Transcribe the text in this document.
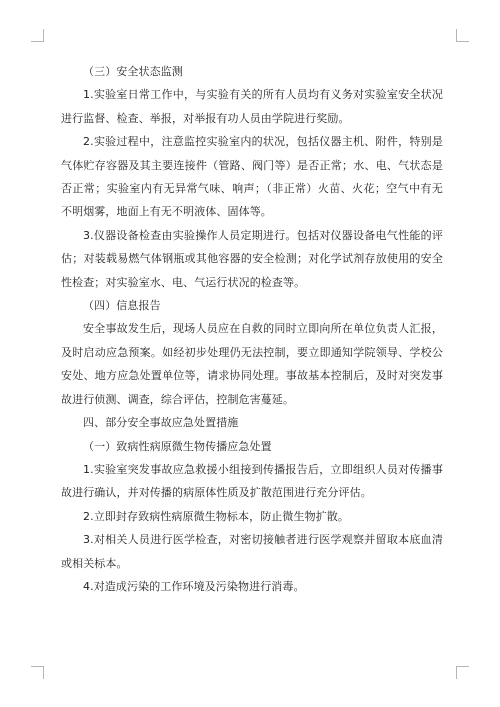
（三）安全状态监测

1.实验室日常工作中，与实验有关的所有人员均有义务对实验室安全状况进行监督、检查、举报，对举报有功人员由学院进行奖励。

2.实验过程中，注意监控实验室内的状况，包括仪器主机、附件，特别是气体贮存容器及其主要连接件（管路、阀门等）是否正常；水、电、气状态是否正常；实验室内有无异常气味、响声；（非正常）火苗、火花；空气中有无不明烟雾，地面上有无不明液体、固体等。

3.仪器设备检查由实验操作人员定期进行。包括对仪器设备电气性能的评估；对装载易燃气体钢瓶或其他容器的安全检测；对化学试剂存放使用的安全性检查；对实验室水、电、气运行状况的检查等。

（四）信息报告

安全事故发生后，现场人员应在自救的同时立即向所在单位负责人汇报，及时启动应急预案。如经初步处理仍无法控制，要立即通知学院领导、学校公安处、地方应急处置单位等，请求协同处理。事故基本控制后，及时对突发事故进行侦测、调查，综合评估，控制危害蔓延。

四、部分安全事故应急处置措施

（一）致病性病原微生物传播应急处置

1.实验室突发事故应急救援小组接到传播报告后，立即组织人员对传播事故进行确认，并对传播的病原体性质及扩散范围进行充分评估。

2.立即封存致病性病原微生物标本，防止微生物扩散。

3.对相关人员进行医学检查，对密切接触者进行医学观察并留取本底血清或相关标本。

4.对造成污染的工作环境及污染物进行消毒。
